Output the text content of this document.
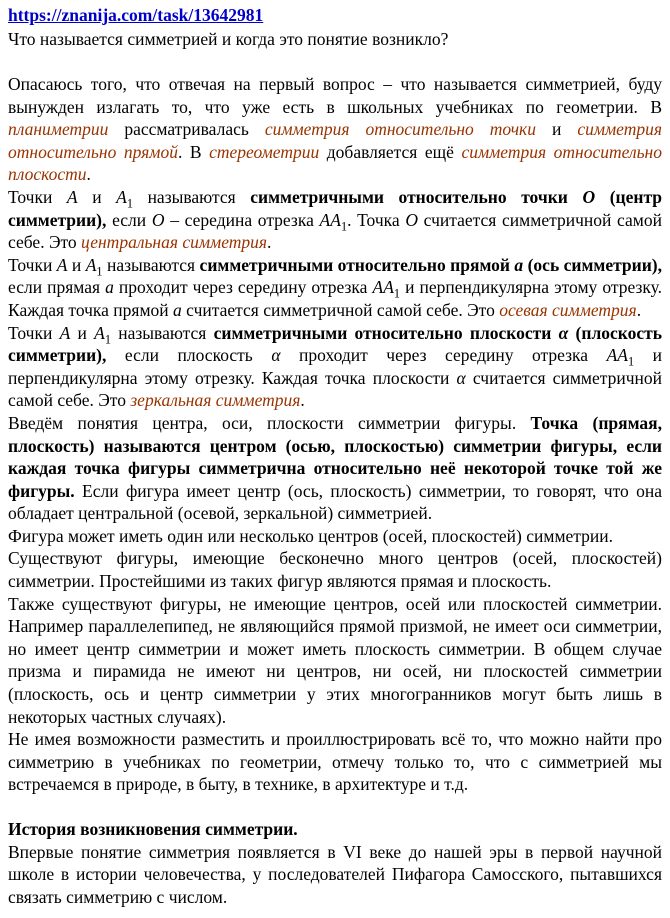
https://znanija.com/task/13642981

Что называется симметрией и когда это понятие возникло?

Опасаюсь того, что отвечая на первый вопрос – что называется симметрией, буду вынужден излагать то, что уже есть в школьных учебниках по геометрии. В планиметрии рассматривалась симметрия относительно точки и симметрия относительно прямой. В стереометрии добавляется ещё симметрия относительно плоскости.

Точки A и $A_1$ называются симметричными относительно точки O (центр симметрии), если O – середина отрезка $AA_1$. Точка O считается симметричной самой себе. Это центральная симметрия.

Точки A и $A_1$ называются симметричными относительно прямой a (ось симметрии), если прямая a проходит через середину отрезка $AA_1$ и перпендикулярна этому отрезку. Каждая точка прямой a считается симметричной самой себе. Это осевая симметрия.

Точки A и $A_1$ называются симметричными относительно плоскости α (плоскость симметрии), если плоскость α проходит через середину отрезка $AA_1$ и перпендикулярна этому отрезку. Каждая точка плоскости α считается симметричной самой себе. Это зеркальная симметрия.

Введём понятия центра, оси, плоскости симметрии фигуры. Точка (прямая, плоскость) называются центром (осью, плоскостью) симметрии фигуры, если каждая точка фигуры симметрична относительно неё некоторой точке той же фигуры. Если фигура имеет центр (ось, плоскость) симметрии, то говорят, что она обладает центральной (осевой, зеркальной) симметрией.

Фигура может иметь один или несколько центров (осей, плоскостей) симметрии.

Существуют фигуры, имеющие бесконечно много центров (осей, плоскостей) симметрии. Простейшими из таких фигур являются прямая и плоскость.

Также существуют фигуры, не имеющие центров, осей или плоскостей симметрии. Например параллелепипед, не являющийся прямой призмой, не имеет оси симметрии, но имеет центр симметрии и может иметь плоскость симметрии. В общем случае призма и пирамида не имеют ни центров, ни осей, ни плоскостей симметрии (плоскость, ось и центр симметрии у этих многогранников могут быть лишь в некоторых частных случаях).

Не имея возможности разместить и проиллюстрировать всё то, что можно найти про симметрию в учебниках по геометрии, отмечу только то, что с симметрией мы встречаемся в природе, в быту, в технике, в архитектуре и т.д.

История возникновения симметрии.

Впервые понятие симметрия появляется в VI веке до нашей эры в первой научной школе в истории человечества, у последователей Пифагора Самосского, пытавшихся связать симметрию с числом.
